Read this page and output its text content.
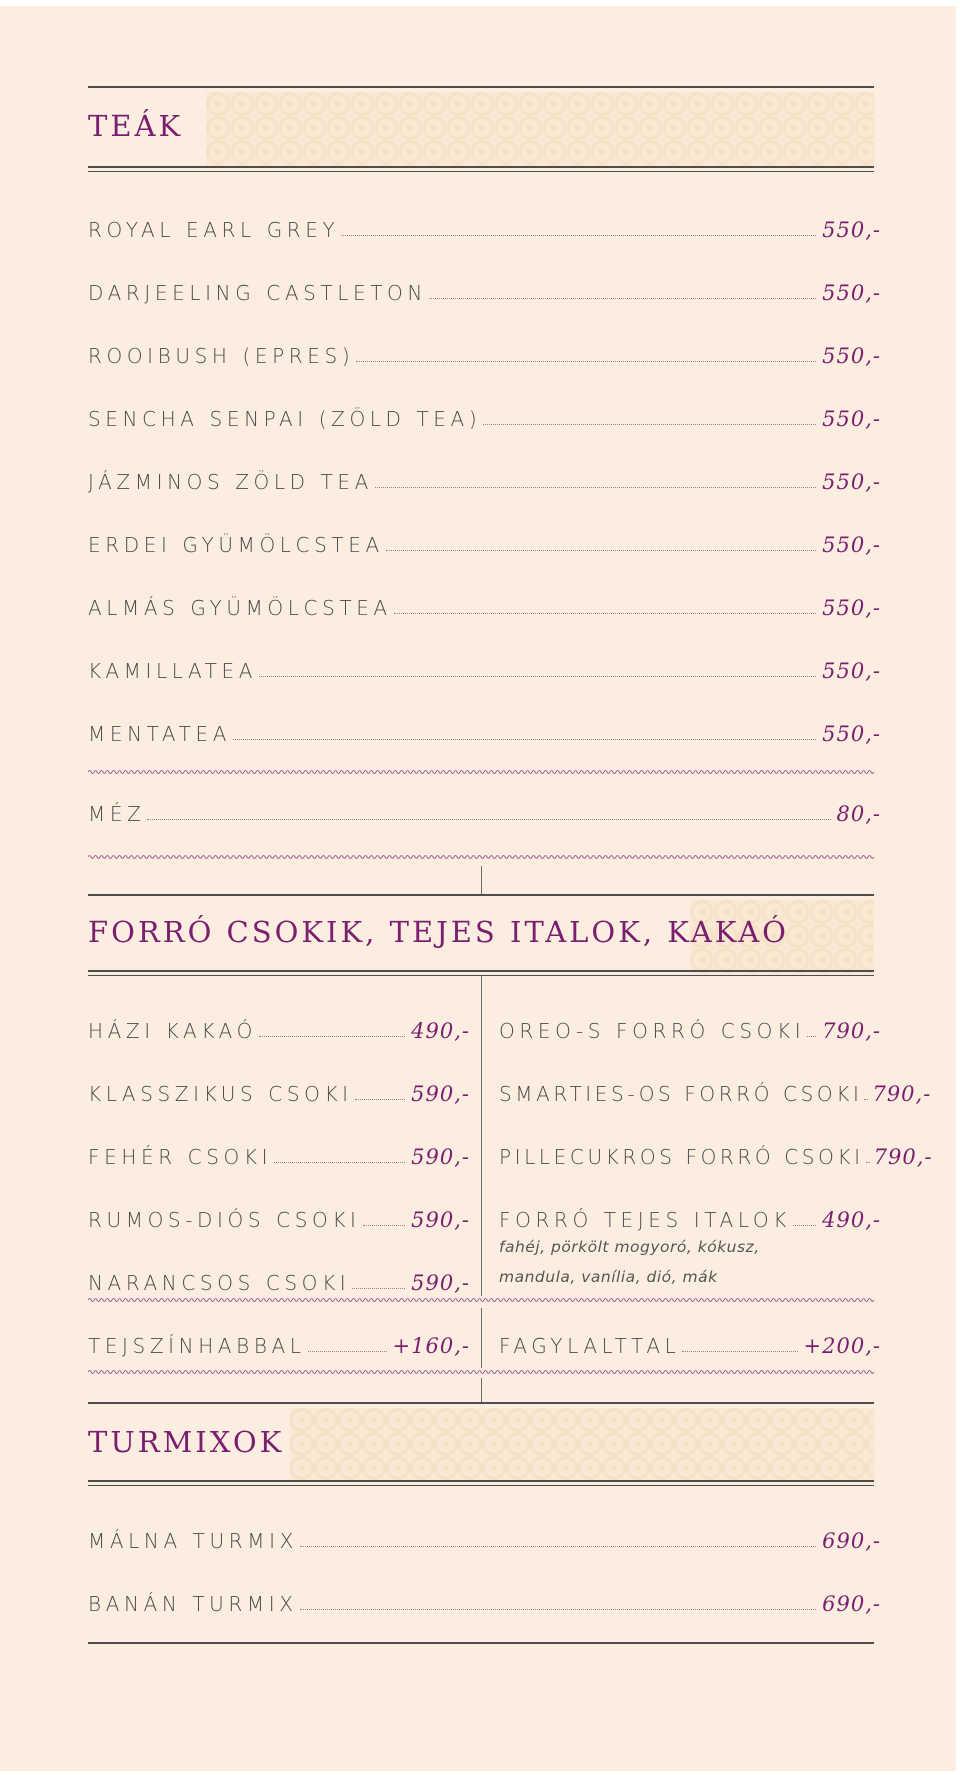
TEÁK
ROYAL EARL GREY	550,-
DARJEELING CASTLETON	550,-
ROOIBUSH (EPRES)	550,-
SENCHA SENPAI (ZÖLD TEA)	550,-
JÁZMINOS ZÖLD TEA	550,-
ERDEI GYÜMÖLCSTEA	550,-
ALMÁS GYÜMÖLCSTEA	550,-
KAMILLATEA	550,-
MENTATEA	550,-
MÉZ	80,-
FORRÓ CSOKIK, TEJES ITALOK, KAKAÓ
HÁZI KAKAÓ	490,-
KLASSZIKUS CSOKI	590,-
FEHÉR CSOKI	590,-
RUMOS-DIÓS CSOKI 590,-
NARANCSOS CSOKI	590,-
OREO-S FORRÓ CSOKI 790,-
SMARTIES-OS FORRÓ CSOKI 790,-
PILLECUKROS FORRÓ CSOKI 790,-
FORRÓ TEJES ITALOK 490,-
fahéj, pörkölt mogyoró, kókusz,
mandula, vanília, dió, mák
TEJSZÍNHABBAL	+160,- FAGYLALTTAL	+200,-
TURMIXOK
MÁLNA TURMIX	690,-
BANÁN TURMIX	690,-
